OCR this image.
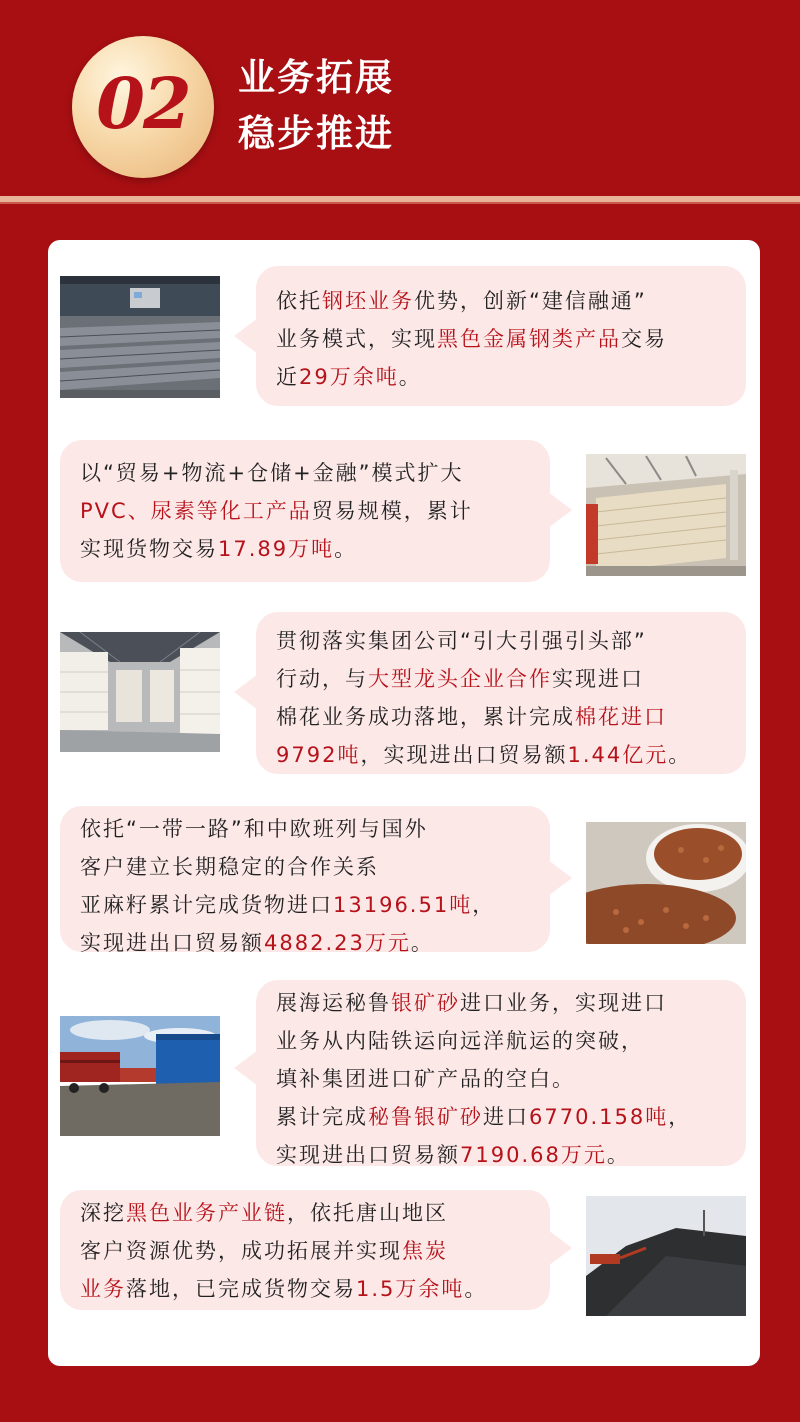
02	业务拓展
稳步推进

依托钢坯业务优势，创新“建信融通”

业务模式，实现黑色金属钢类产品交易

近29万余吨。

以“贸易+物流+仓储+金融”模式扩大

PVC、尿素等化工产品贸易规模，累计

实现货物交易17.89万吨。

贯彻落实集团公司“引大引强引头部”

行动，与大型龙头企业合作实现进口

棉花业务成功落地，累计完成棉花进口

9792吨，实现进出口贸易额1.44亿元。

依托“一带一路”和中欧班列与国外

客户建立长期稳定的合作关系

亚麻籽累计完成货物进口13196.51吨，

实现进出口贸易额4882.23万元。

展海运秘鲁银矿砂进口业务，实现进口

业务从内陆铁运向远洋航运的突破，

填补集团进口矿产品的空白。

累计完成秘鲁银矿砂进口6770.158吨，

实现进出口贸易额7190.68万元。

深挖黑色业务产业链，依托唐山地区

客户资源优势，成功拓展并实现焦炭

业务落地，已完成货物交易1.5万余吨。
